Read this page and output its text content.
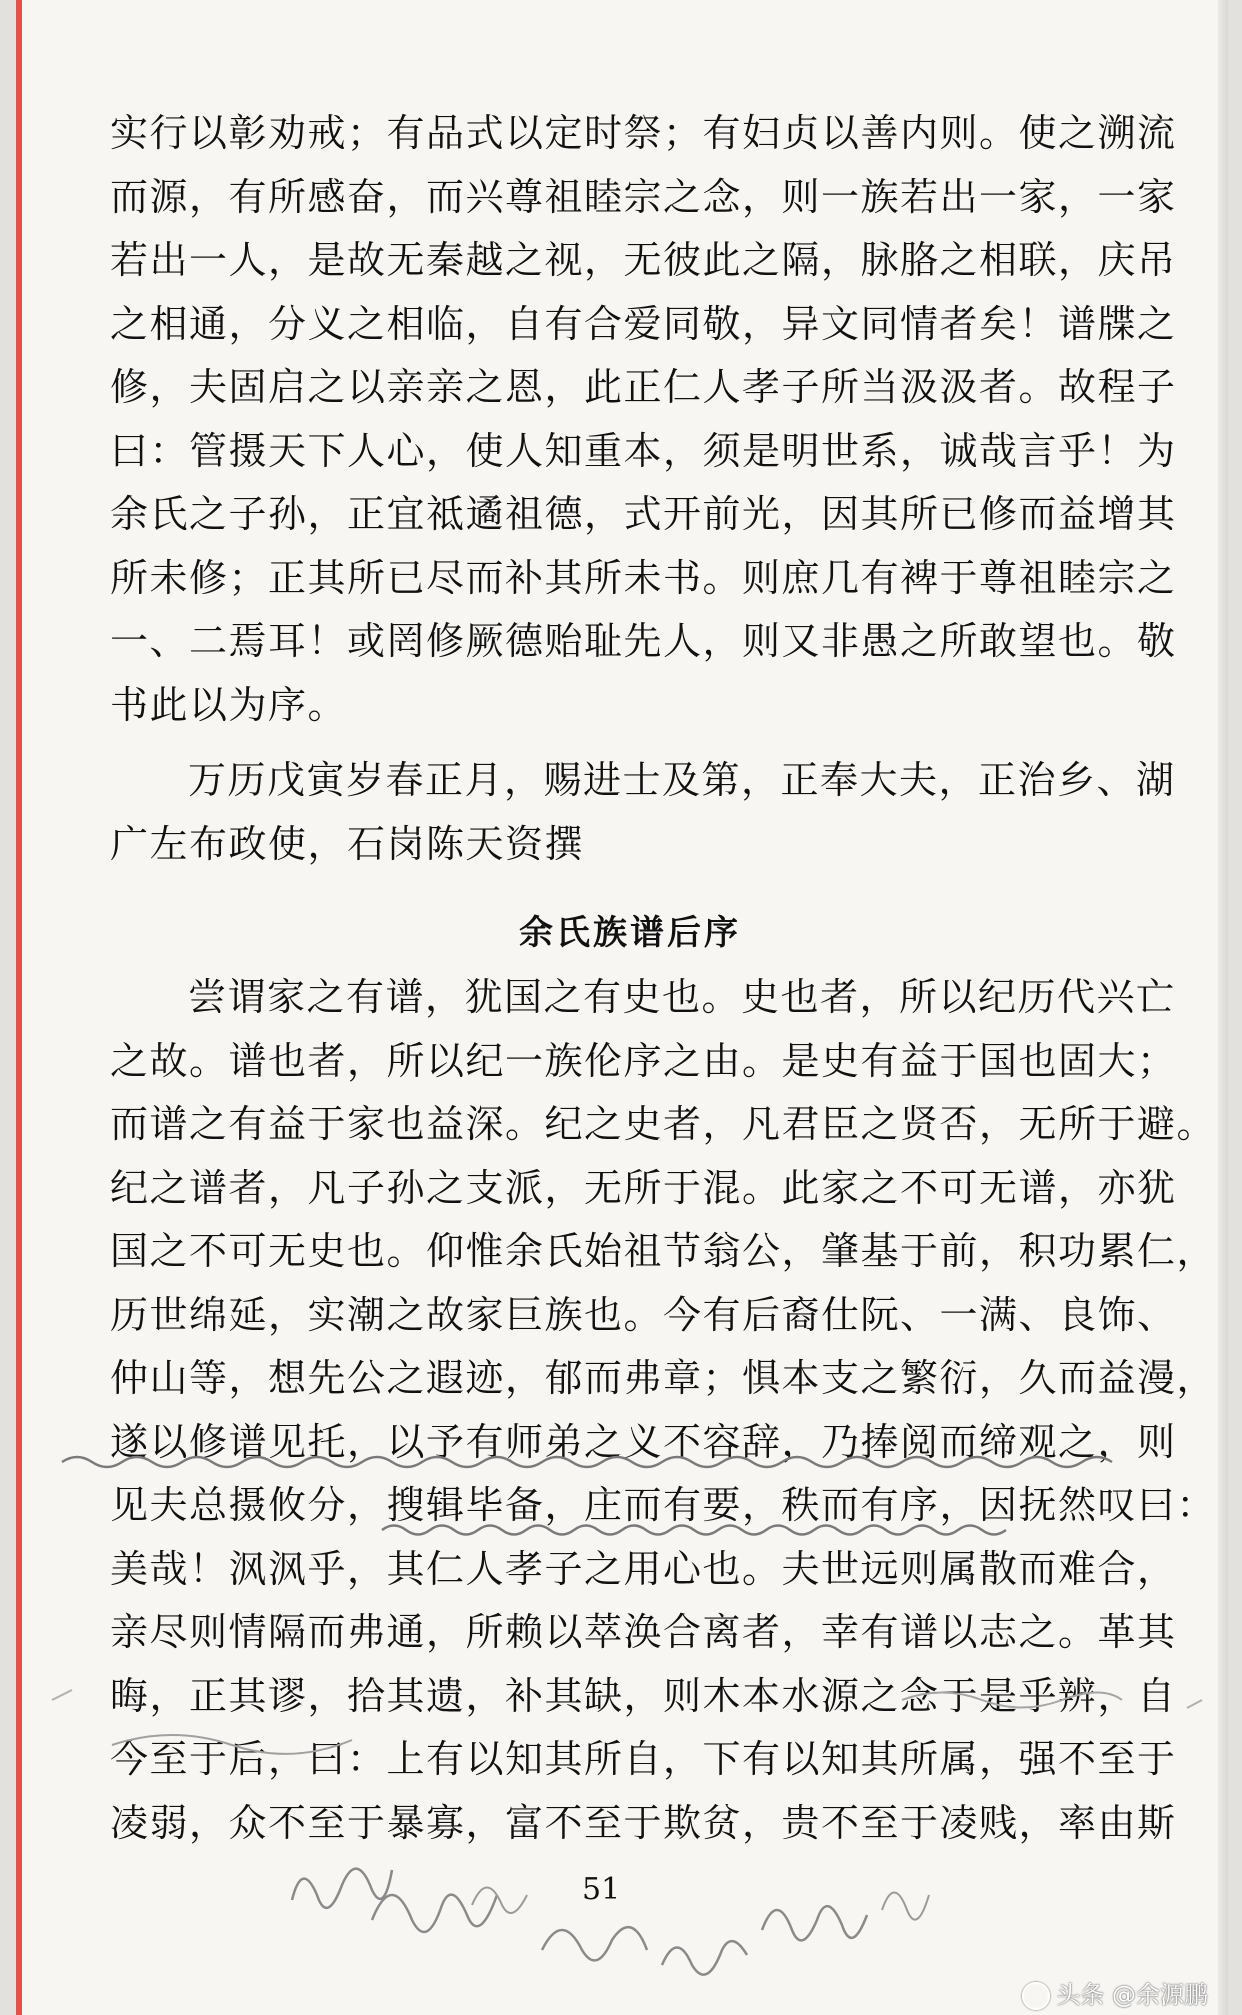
实行以彰劝戒；有品式以定时祭；有妇贞以善内则。使之溯流
而源，有所感奋，而兴尊祖睦宗之念，则一族若出一家，一家
若出一人，是故无秦越之视，无彼此之隔，脉胳之相联，庆吊
之相通，分义之相临，自有合爱同敬，异文同情者矣！谱牒之
修，夫固启之以亲亲之恩，此正仁人孝子所当汲汲者。故程子
曰：管摄天下人心，使人知重本，须是明世系，诚哉言乎！为
余氏之子孙，正宜祗遹祖德，式开前光，因其所已修而益增其
所未修；正其所已尽而补其所未书。则庶几有裨于尊祖睦宗之
一、二焉耳！或罔修厥德贻耻先人，则又非愚之所敢望也。敬
书此以为序。
万历戊寅岁春正月，赐进士及第，正奉大夫，正治乡、湖
广左布政使，石岗陈天资撰
余氏族谱后序
尝谓家之有谱，犹国之有史也。史也者，所以纪历代兴亡
之故。谱也者，所以纪一族伦序之由。是史有益于国也固大；
而谱之有益于家也益深。纪之史者，凡君臣之贤否，无所于避。
纪之谱者，凡子孙之支派，无所于混。此家之不可无谱，亦犹
国之不可无史也。仰惟余氏始祖节翁公，肇基于前，积功累仁，
历世绵延，实潮之故家巨族也。今有后裔仕阮、一满、良饰、
仲山等，想先公之遐迹，郁而弗章；惧本支之繁衍，久而益漫，
遂以修谱见托，以予有师弟之义不容辞，乃捧阅而缔观之，则
见夫总摄攸分，搜辑毕备，庄而有要，秩而有序，因抚然叹曰：
美哉！沨沨乎，其仁人孝子之用心也。夫世远则属散而难合，
亲尽则情隔而弗通，所赖以萃涣合离者，幸有谱以志之。革其
晦，正其谬，拾其遗，补其缺，则木本水源之念于是乎辨，自
今至于后，曰：上有以知其所自，下有以知其所属，强不至于
凌弱，众不至于暴寡，富不至于欺贫，贵不至于凌贱，率由斯
51
头条 @余源鹏
